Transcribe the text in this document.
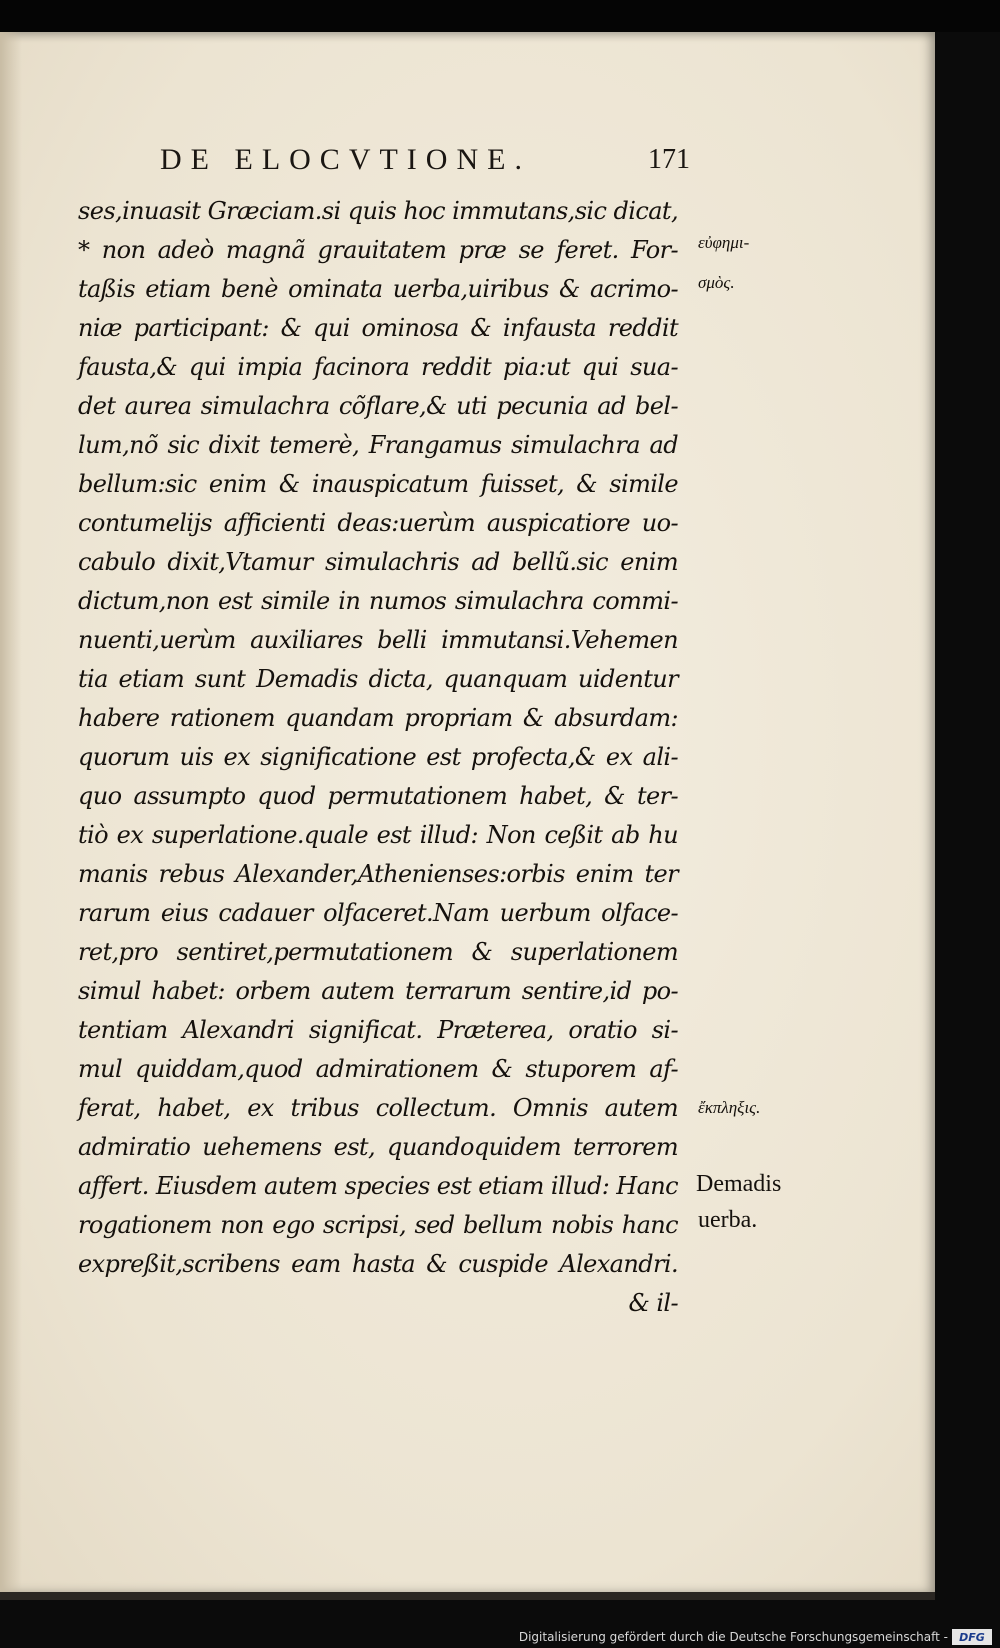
DE ELOCVTIONE.	171
ses,inuasit Græciam.si quis hoc immutans,sic dicat,
* non adeò magnã grauitatem præ se feret. For-
taßis etiam benè ominata uerba,uiribus & acrimo-
niæ participant: & qui ominosa & infausta reddit
fausta,& qui impia facinora reddit pia:ut qui sua-
det aurea simulachra cõflare,& uti pecunia ad bel-
lum,nõ sic dixit temerè, Frangamus simulachra ad
bellum:sic enim & inauspicatum fuisset, & simile
contumelijs afficienti deas:uerùm auspicatiore uo-
cabulo dixit,Vtamur simulachris ad bellũ.sic enim
dictum,non est simile in numos simulachra commi-
nuenti,uerùm auxiliares belli immutansi.Vehemen
tia etiam sunt Demadis dicta, quanquam uidentur
habere rationem quandam propriam & absurdam:
quorum uis ex significatione est profecta,& ex ali-
quo assumpto quod permutationem habet, & ter-
tiò ex superlatione.quale est illud: Non ceßit ab hu
manis rebus Alexander,Athenienses:orbis enim ter
rarum eius cadauer olfaceret.Nam uerbum olface-
ret,pro sentiret,permutationem & superlationem
simul habet: orbem autem terrarum sentire,id po-
tentiam Alexandri significat. Præterea, oratio si-
mul quiddam,quod admirationem & stuporem af-
ferat, habet, ex tribus collectum. Omnis autem
admiratio uehemens est, quandoquidem terrorem
affert. Eiusdem autem species est etiam illud: Hanc
rogationem non ego scripsi, sed bellum nobis hanc
expreßit,scribens eam hasta & cuspide Alexandri.
& il-
εὐφημι-
σμὸς.
ἔκπληξις.
Demadis
uerba.
Digitalisierung gefördert durch die Deutsche Forschungsgemeinschaft -	DFG
